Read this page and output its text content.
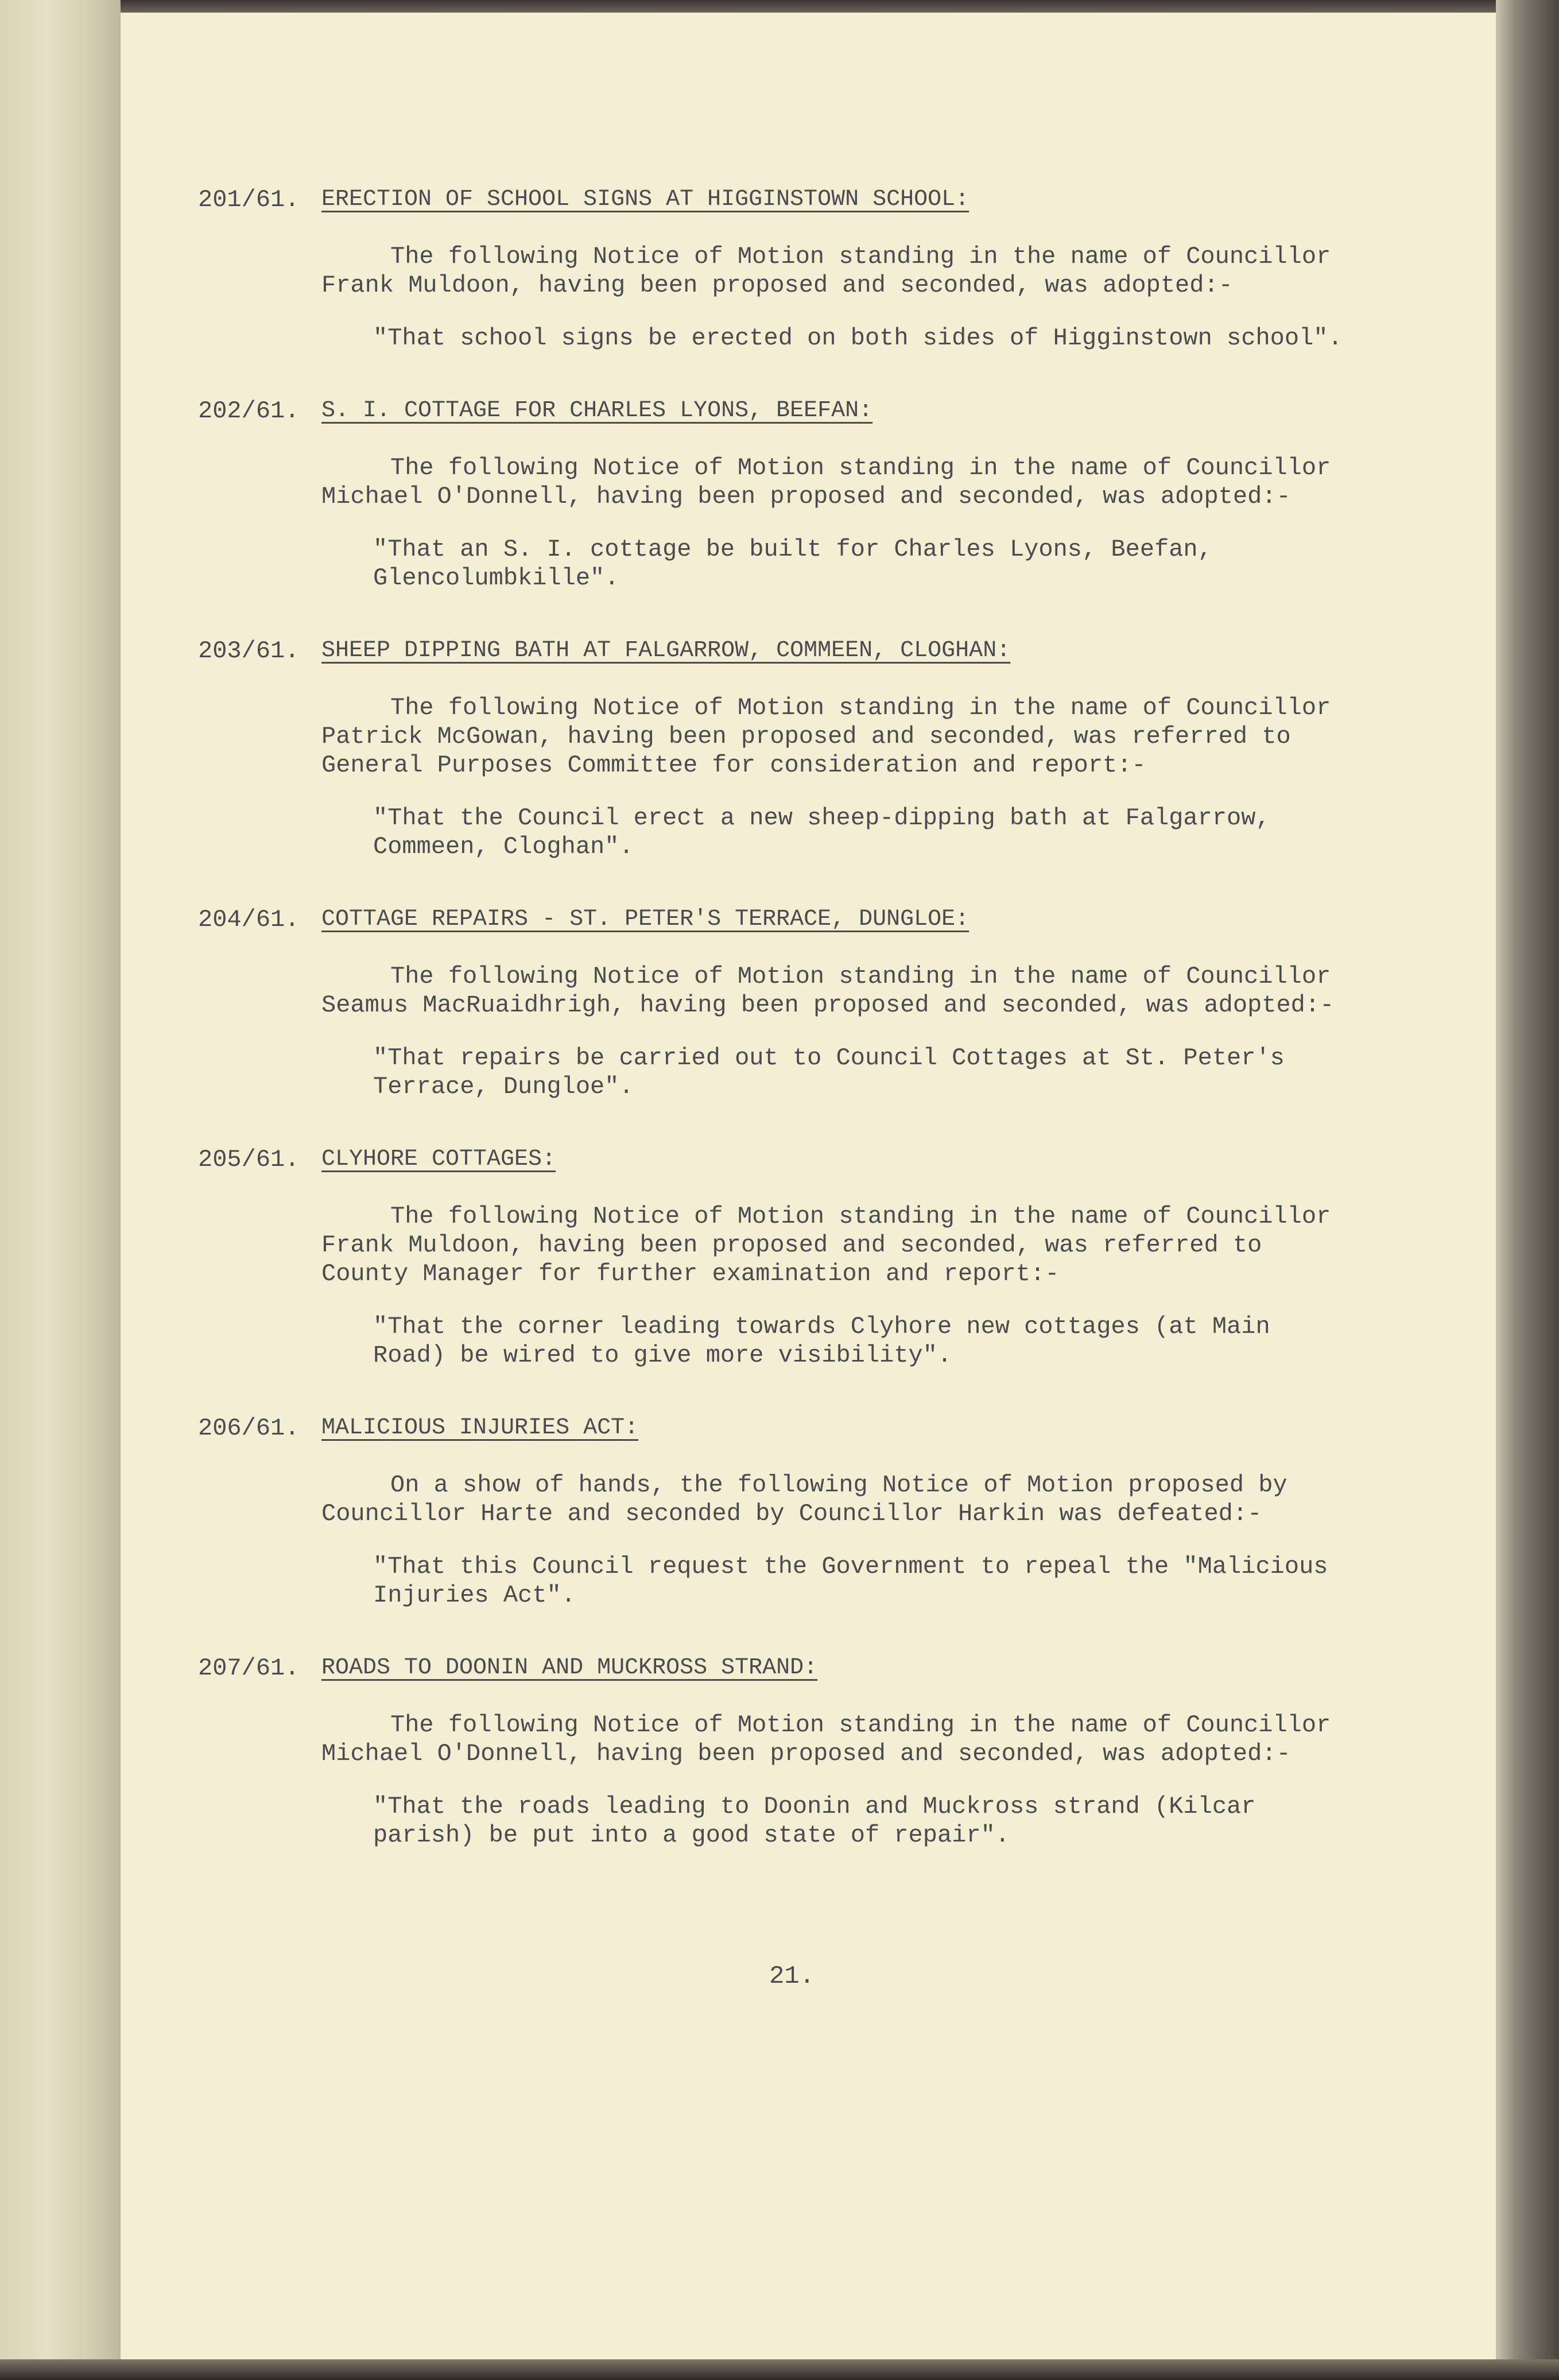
201/61. ERECTION OF SCHOOL SIGNS AT HIGGINSTOWN SCHOOL:

The following Notice of Motion standing in the name of Councillor Frank Muldoon, having been proposed and seconded, was adopted:-

"That school signs be erected on both sides of Higginstown school".

202/61. S. I. COTTAGE FOR CHARLES LYONS, BEEFAN:

The following Notice of Motion standing in the name of Councillor Michael O'Donnell, having been proposed and seconded, was adopted:-

"That an S. I. cottage be built for Charles Lyons, Beefan, Glencolumbkille".

203/61. SHEEP DIPPING BATH AT FALGARROW, COMMEEN, CLOGHAN:

The following Notice of Motion standing in the name of Councillor Patrick McGowan, having been proposed and seconded, was referred to General Purposes Committee for consideration and report:-

"That the Council erect a new sheep-dipping bath at Falgarrow, Commeen, Cloghan".

204/61. COTTAGE REPAIRS - ST. PETER'S TERRACE, DUNGLOE:

The following Notice of Motion standing in the name of Councillor Seamus MacRuaidhrigh, having been proposed and seconded, was adopted:-

"That repairs be carried out to Council Cottages at St. Peter's Terrace, Dungloe".

205/61. CLYHORE COTTAGES:

The following Notice of Motion standing in the name of Councillor Frank Muldoon, having been proposed and seconded, was referred to County Manager for further examination and report:-

"That the corner leading towards Clyhore new cottages (at Main Road) be wired to give more visibility".

206/61. MALICIOUS INJURIES ACT:

On a show of hands, the following Notice of Motion proposed by Councillor Harte and seconded by Councillor Harkin was defeated:-

"That this Council request the Government to repeal the "Malicious Injuries Act".

207/61. ROADS TO DOONIN AND MUCKROSS STRAND:

The following Notice of Motion standing in the name of Councillor Michael O'Donnell, having been proposed and seconded, was adopted:-

"That the roads leading to Doonin and Muckross strand (Kilcar parish) be put into a good state of repair".

21.
